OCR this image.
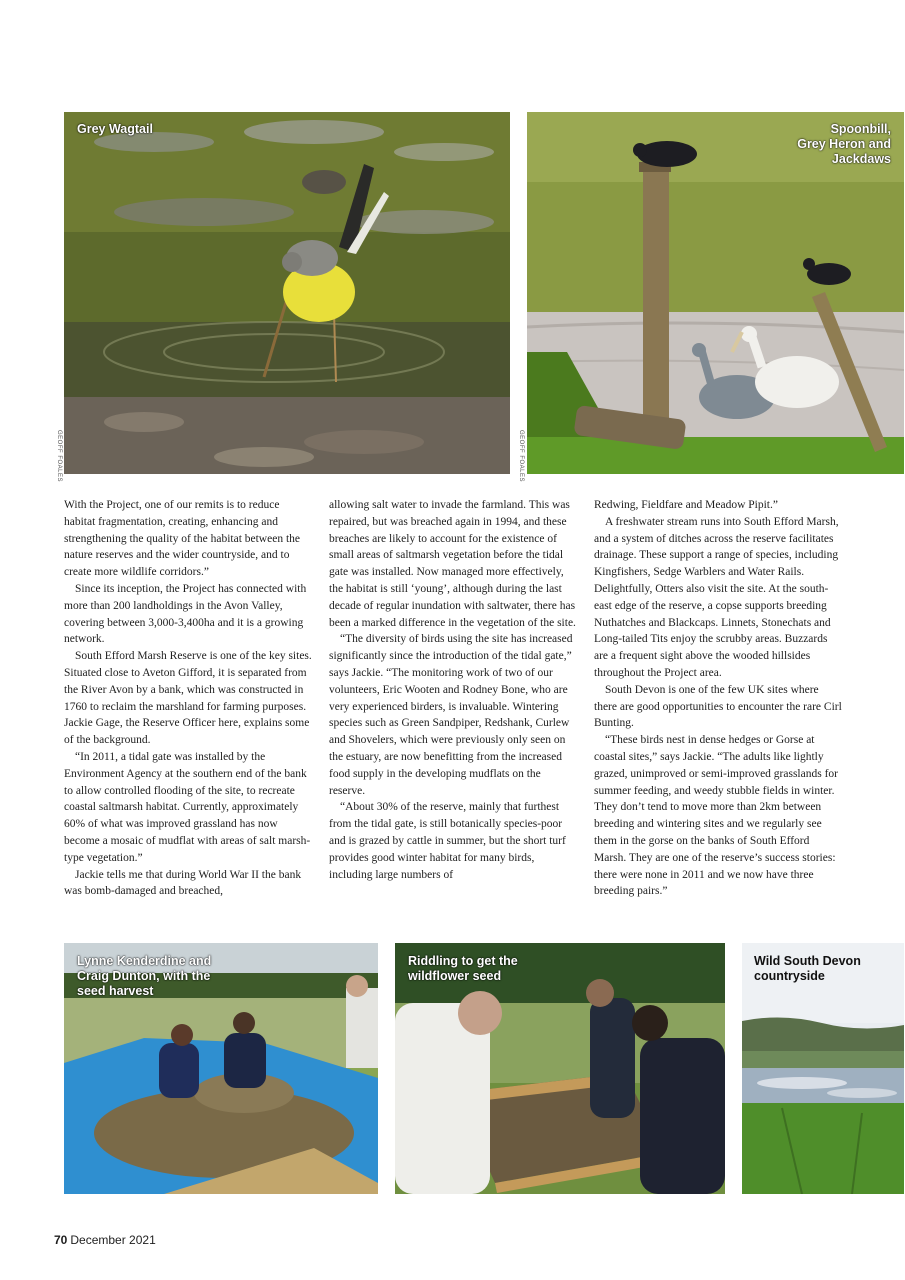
Grey Wagtail
GEOFF FOALES
Spoonbill,
Grey Heron and
Jackdaws
GEOFF FOALES

With the Project, one of our remits is to reduce habitat fragmentation, creating, enhancing and strengthening the quality of the habitat between the nature reserves and the wider countryside, and to create more wildlife corridors.”

Since its inception, the Project has connected with more than 200 landholdings in the Avon Valley, covering between 3,000-3,400ha and it is a growing network.

South Efford Marsh Reserve is one of the key sites. Situated close to Aveton Gifford, it is separated from the River Avon by a bank, which was constructed in 1760 to reclaim the marshland for farming purposes. Jackie Gage, the Reserve Officer here, explains some of the background.

“In 2011, a tidal gate was installed by the Environment Agency at the southern end of the bank to allow controlled flooding of the site, to recreate coastal saltmarsh habitat. Currently, approximately 60% of what was improved grassland has now become a mosaic of mudflat with areas of salt marsh-type vegetation.”

Jackie tells me that during World War II the bank was bomb-damaged and breached,

allowing salt water to invade the farmland. This was repaired, but was breached again in 1994, and these breaches are likely to account for the existence of small areas of saltmarsh vegetation before the tidal gate was installed. Now managed more effectively, the habitat is still ‘young’, although during the last decade of regular inundation with saltwater, there has been a marked difference in the vegetation of the site.

“The diversity of birds using the site has increased significantly since the introduction of the tidal gate,” says Jackie. “The monitoring work of two of our volunteers, Eric Wooten and Rodney Bone, who are very experienced birders, is invaluable. Wintering species such as Green Sandpiper, Redshank, Curlew and Shovelers, which were previously only seen on the estuary, are now benefitting from the increased food supply in the developing mudflats on the reserve.

“About 30% of the reserve, mainly that furthest from the tidal gate, is still botanically species-poor and is grazed by cattle in summer, but the short turf provides good winter habitat for many birds, including large numbers of

Redwing, Fieldfare and Meadow Pipit.”

A freshwater stream runs into South Efford Marsh, and a system of ditches across the reserve facilitates drainage. These support a range of species, including Kingfishers, Sedge Warblers and Water Rails. Delightfully, Otters also visit the site. At the south-east edge of the reserve, a copse supports breeding Nuthatches and Blackcaps. Linnets, Stonechats and Long-tailed Tits enjoy the scrubby areas. Buzzards are a frequent sight above the wooded hillsides throughout the Project area.

South Devon is one of the few UK sites where there are good opportunities to encounter the rare Cirl Bunting.

“These birds nest in dense hedges or Gorse at coastal sites,” says Jackie. “The adults like lightly grazed, unimproved or semi-improved grasslands for summer feeding, and weedy stubble fields in winter. They don’t tend to move more than 2km between breeding and wintering sites and we regularly see them in the gorse on the banks of South Efford Marsh. They are one of the reserve’s success stories: there were none in 2011 and we now have three breeding pairs.”

Lynne Kenderdine and
Craig Dunton, with the
seed harvest
Riddling to get the
wildflower seed
Wild South Devon
countryside
70 December 2021
